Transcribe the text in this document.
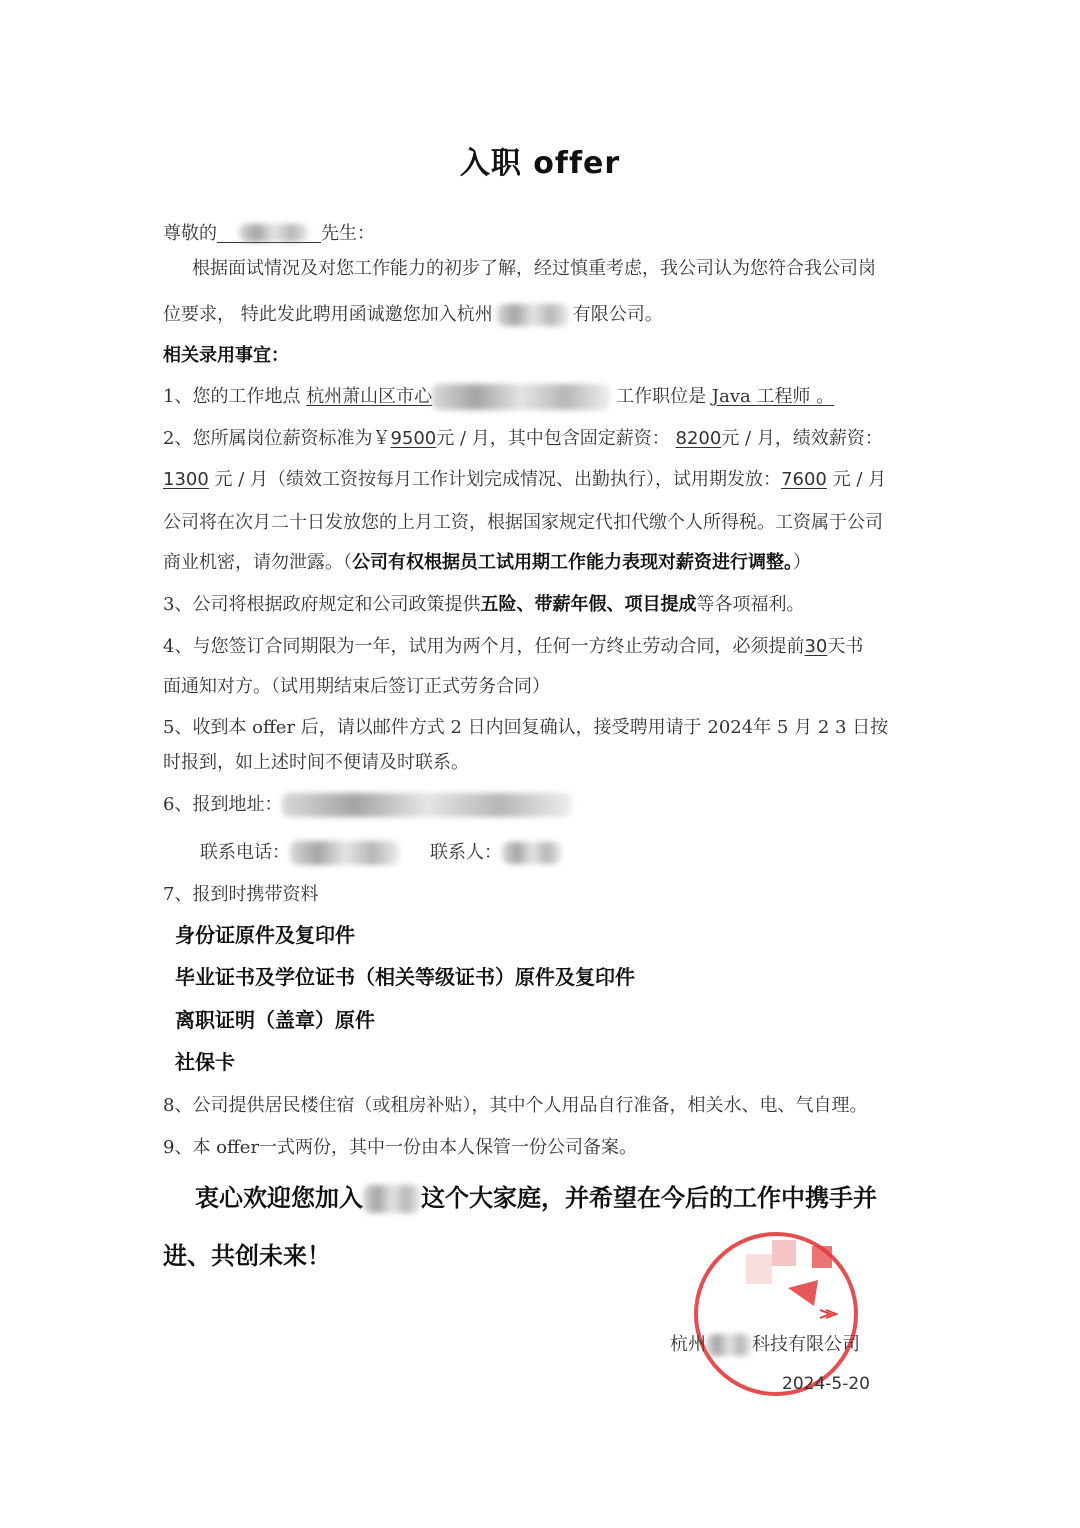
入职 offer
尊敬的	先生：
根据面试情况及对您工作能力的初步了解，经过慎重考虑，我公司认为您符合我公司岗
位要求， 特此发此聘用函诚邀您加入杭州	有限公司。
相关录用事宜：
1、您的工作地点 杭州萧山区市心	工作职位是 Java 工程师 。
2、您所属岗位薪资标准为￥9500元 / 月，其中包含固定薪资： 8200元 / 月，绩效薪资：
1300 元 / 月（绩效工资按每月工作计划完成情况、出勤执行），试用期发放：7600 元 / 月
公司将在次月二十日发放您的上月工资，根据国家规定代扣代缴个人所得税。工资属于公司
商业机密，请勿泄露。（公司有权根据员工试用期工作能力表现对薪资进行调整。）
3、公司将根据政府规定和公司政策提供五险、带薪年假、项目提成等各项福利。
4、与您签订合同期限为一年，试用为两个月，任何一方终止劳动合同，必须提前30天书
面通知对方。（试用期结束后签订正式劳务合同）
5、收到本 offer 后，请以邮件方式 2 日内回复确认，接受聘用请于 2024年 5 月 2 3 日按
时报到，如上述时间不便请及时联系。
6、报到地址：
联系电话：	联系人：
7、报到时携带资料
身份证原件及复印件
毕业证书及学位证书（相关等级证书）原件及复印件
离职证明（盖章）原件
社保卡
8、公司提供居民楼住宿（或租房补贴），其中个人用品自行准备，相关水、电、气自理。
9、本 offer一式两份，其中一份由本人保管一份公司备案。
衷心欢迎您加入 这个大家庭，并希望在今后的工作中携手并
进、共创未来！
杭州	科技有限公司
2024-5-20
